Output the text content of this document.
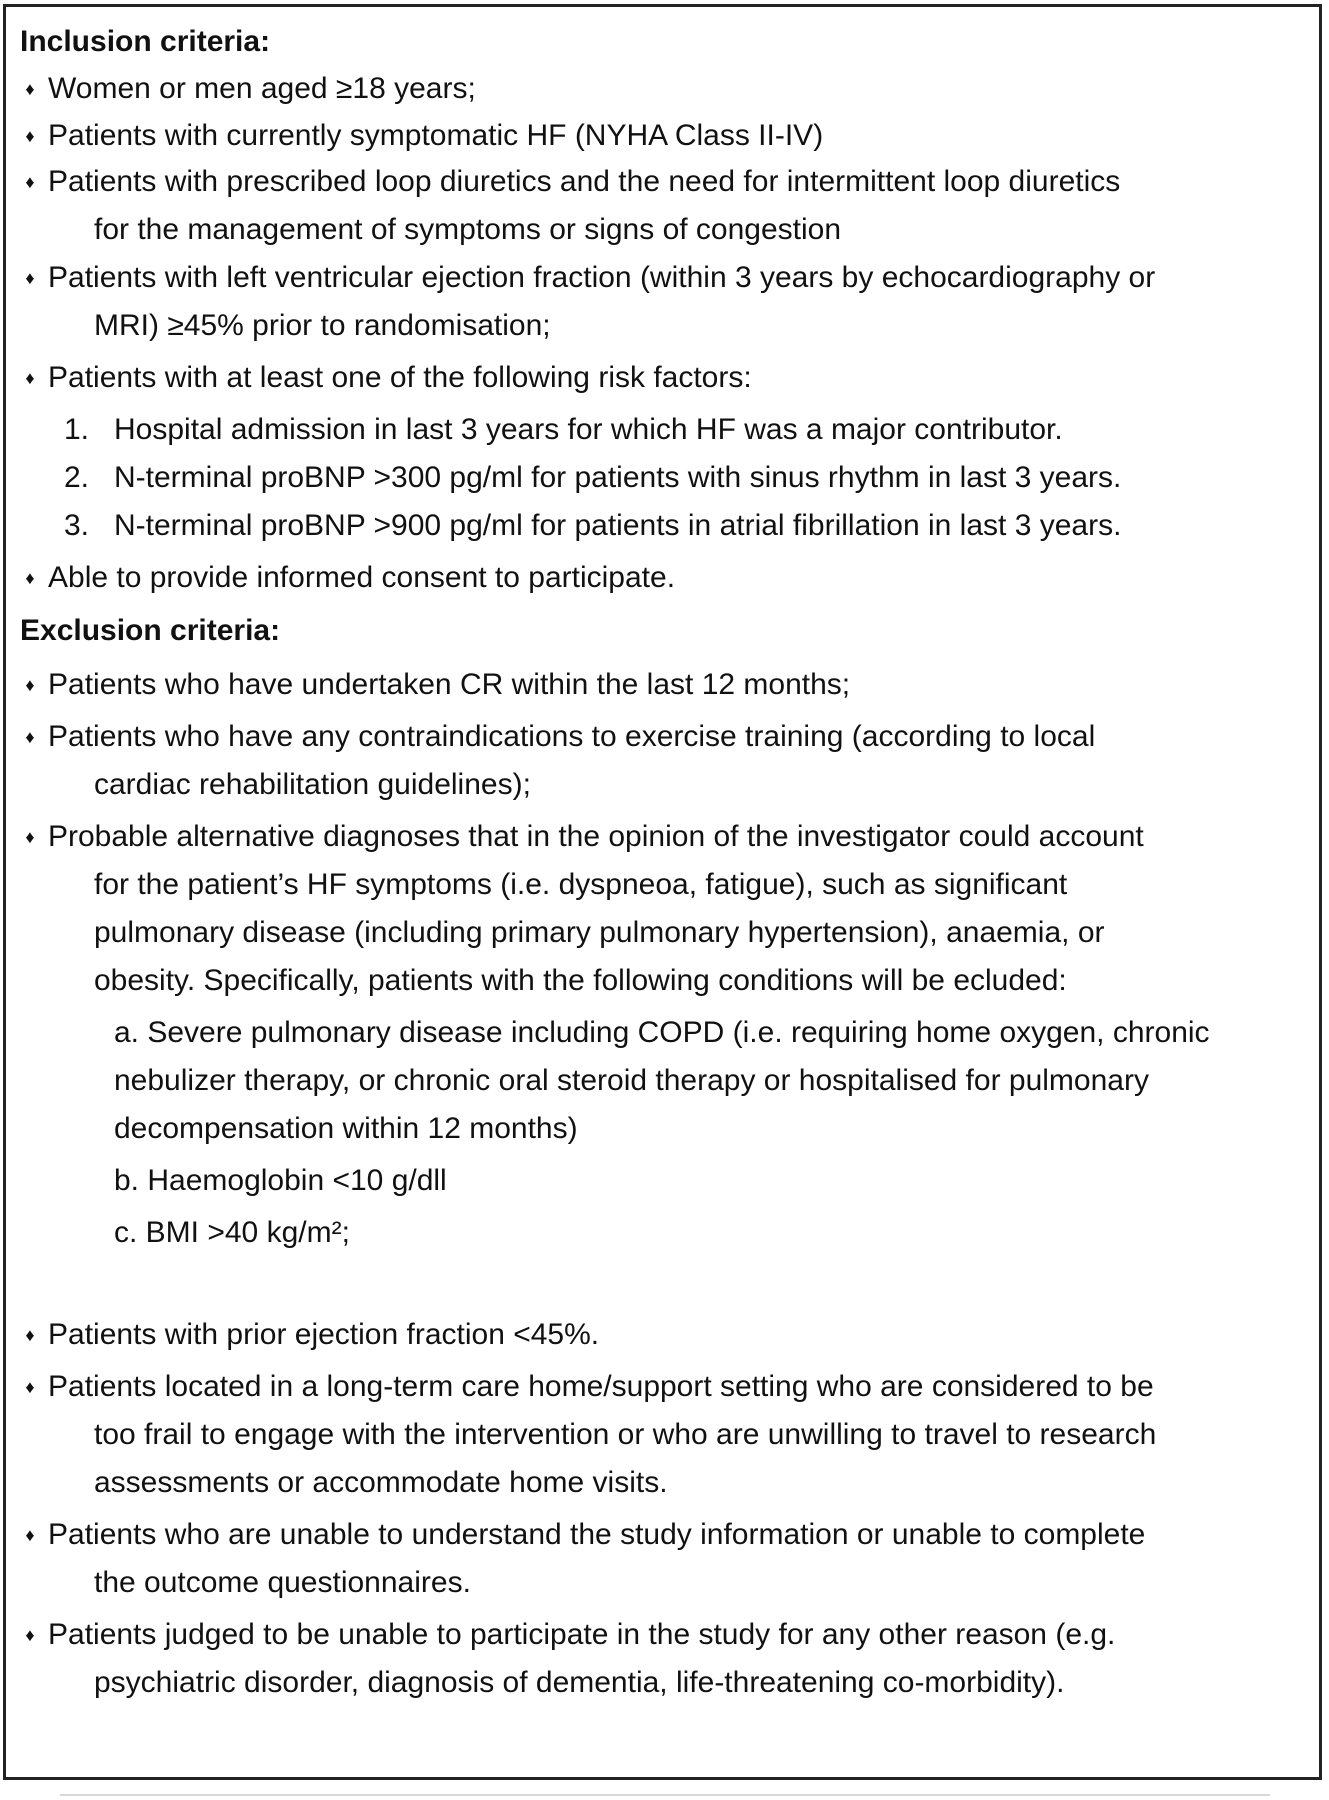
Inclusion criteria:
♦ Women or men aged ≥18 years;
♦ Patients with currently symptomatic HF (NYHA Class II-IV)
♦ Patients with prescribed loop diuretics and the need for intermittent loop diuretics
for the management of symptoms or signs of congestion
♦ Patients with left ventricular ejection fraction (within 3 years by echocardiography or
MRI) ≥45% prior to randomisation;
♦ Patients with at least one of the following risk factors:
1. Hospital admission in last 3 years for which HF was a major contributor.
2. N-terminal proBNP >300 pg/ml for patients with sinus rhythm in last 3 years.
3. N-terminal proBNP >900 pg/ml for patients in atrial fibrillation in last 3 years.
♦ Able to provide informed consent to participate.
Exclusion criteria:
♦ Patients who have undertaken CR within the last 12 months;
♦ Patients who have any contraindications to exercise training (according to local
cardiac rehabilitation guidelines);
♦ Probable alternative diagnoses that in the opinion of the investigator could account
for the patient’s HF symptoms (i.e. dyspneoa, fatigue), such as significant
pulmonary disease (including primary pulmonary hypertension), anaemia, or
obesity. Specifically, patients with the following conditions will be ecluded:
a. Severe pulmonary disease including COPD (i.e. requiring home oxygen, chronic
nebulizer therapy, or chronic oral steroid therapy or hospitalised for pulmonary
decompensation within 12 months)
b. Haemoglobin <10 g/dll
c. BMI >40 kg/m²;
♦ Patients with prior ejection fraction <45%.
♦ Patients located in a long-term care home/support setting who are considered to be
too frail to engage with the intervention or who are unwilling to travel to research
assessments or accommodate home visits.
♦ Patients who are unable to understand the study information or unable to complete
the outcome questionnaires.
♦ Patients judged to be unable to participate in the study for any other reason (e.g.
psychiatric disorder, diagnosis of dementia, life-threatening co-morbidity).
